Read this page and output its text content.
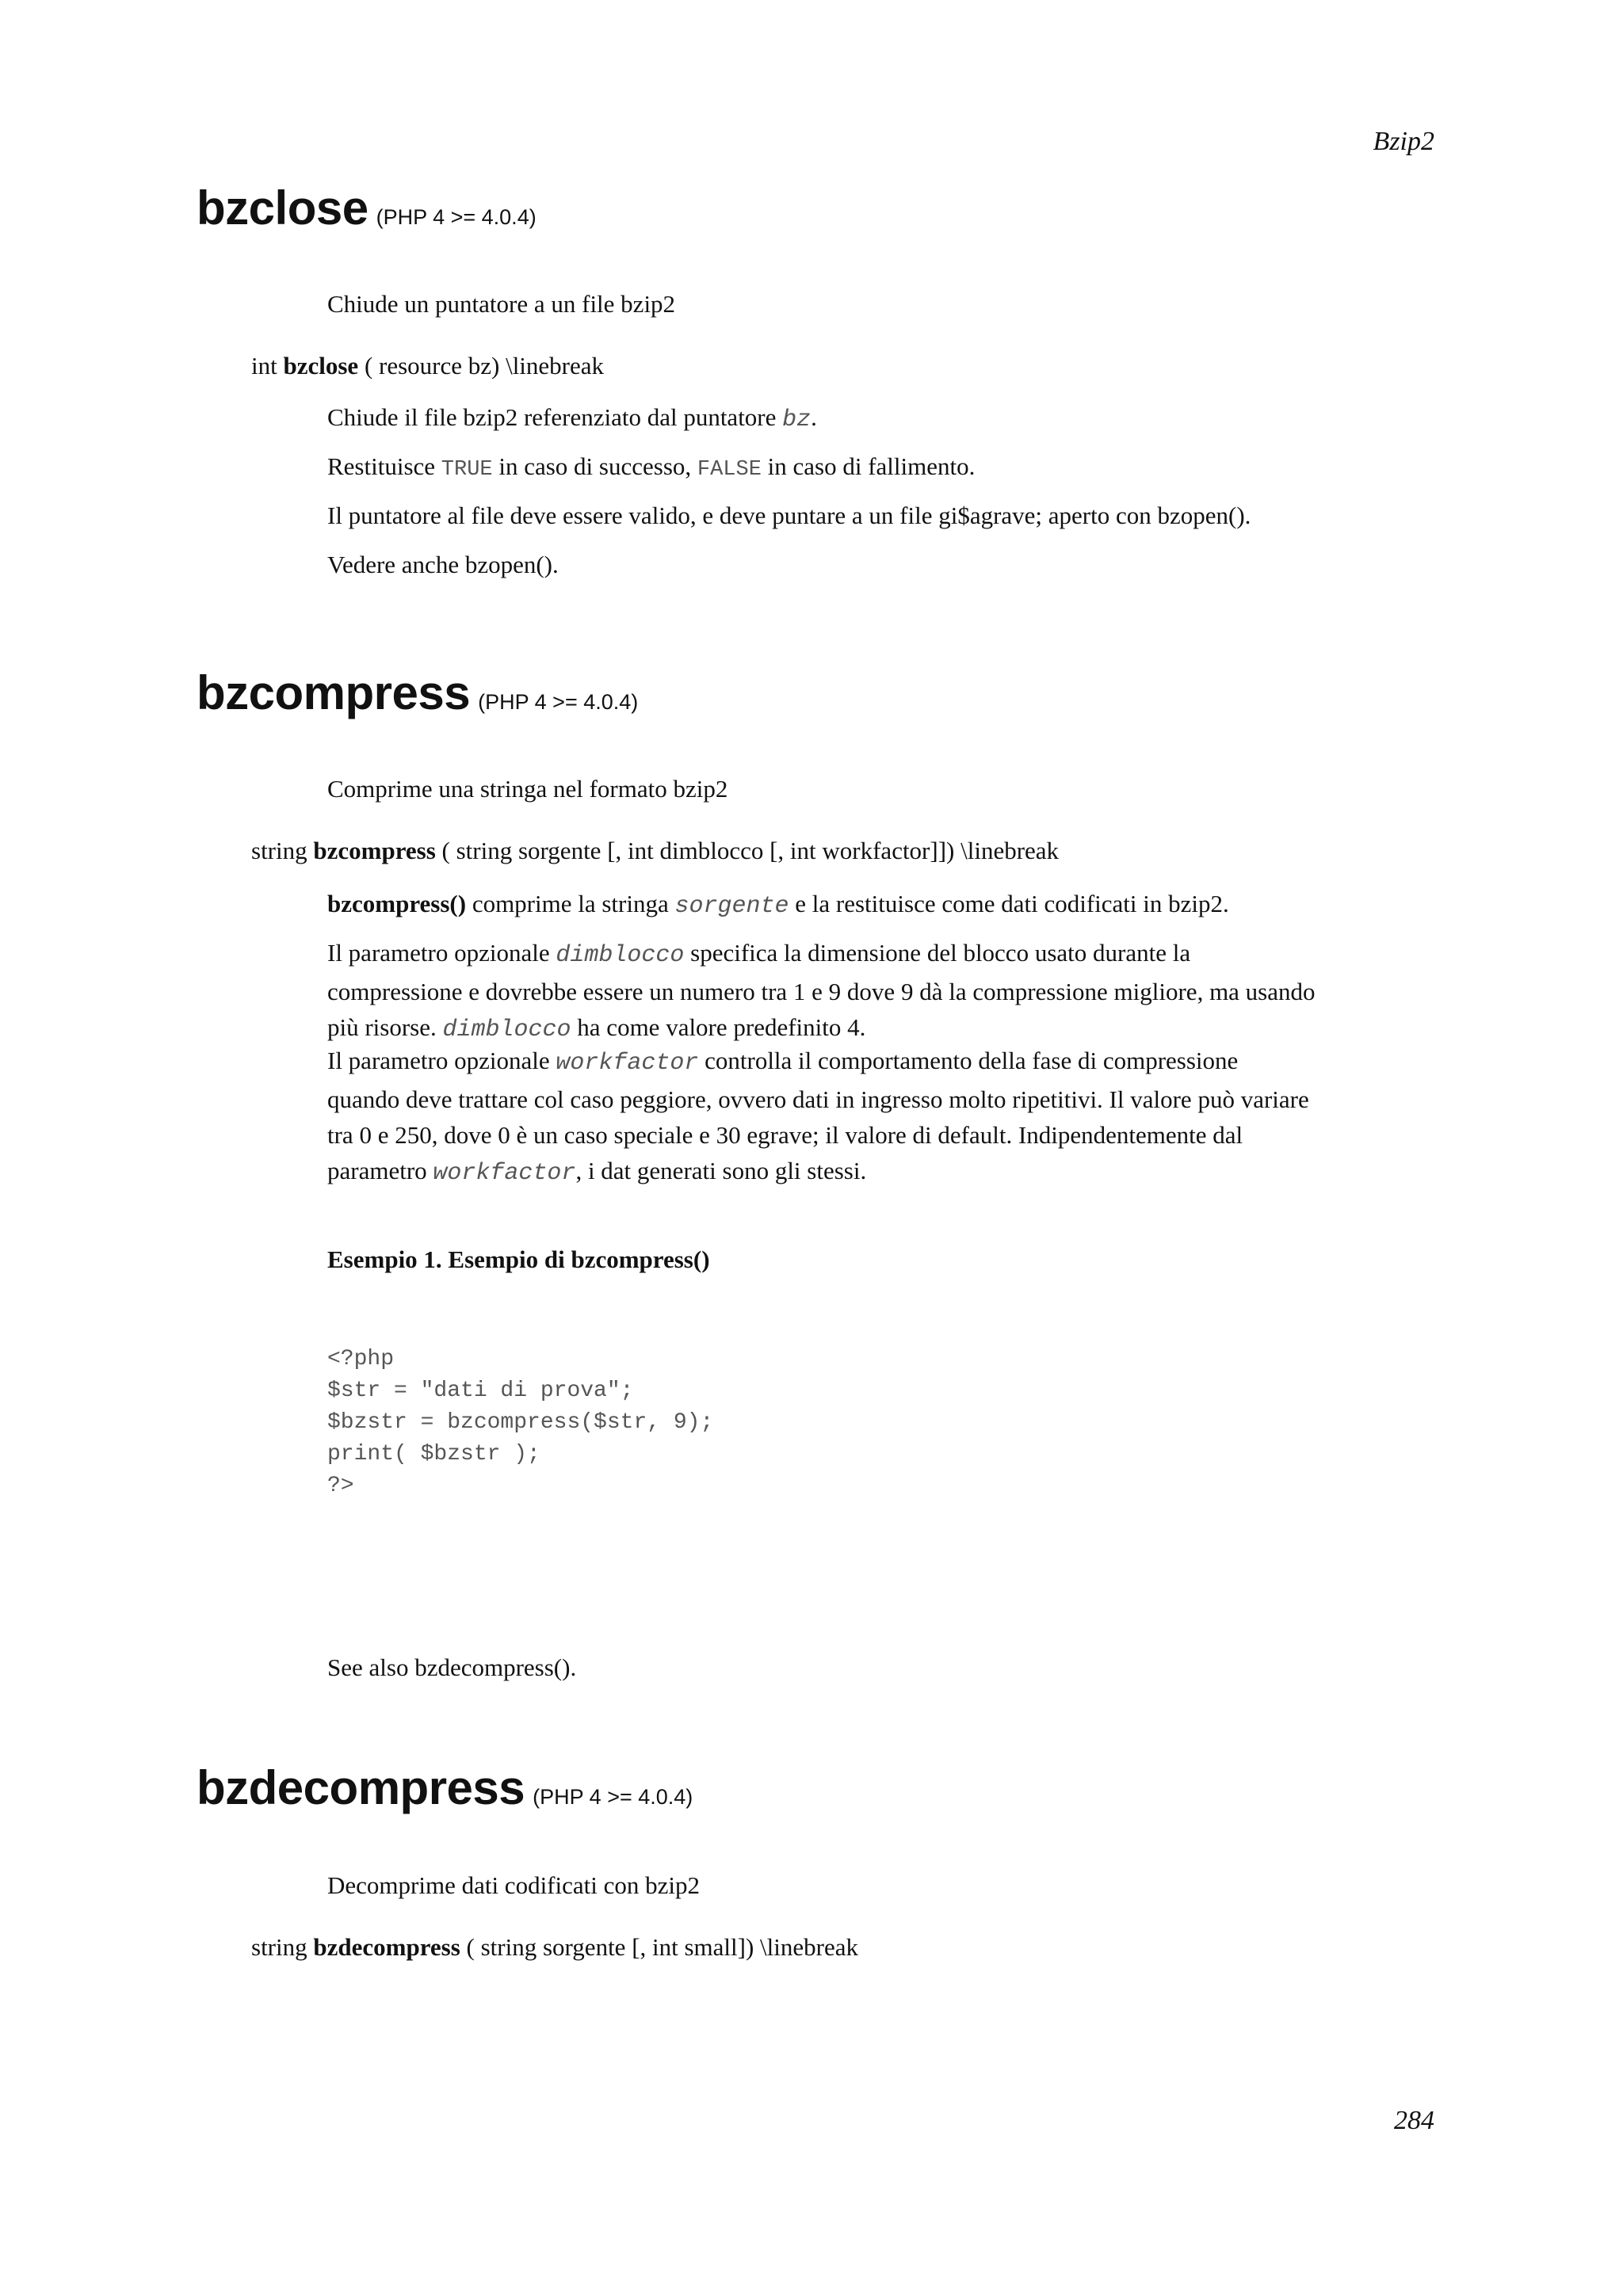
Bzip2
bzclose (PHP 4 >= 4.0.4)
Chiude un puntatore a un file bzip2
int bzclose ( resource bz) \linebreak
Chiude il file bzip2 referenziato dal puntatore bz.
Restituisce TRUE in caso di successo, FALSE in caso di fallimento.
Il puntatore al file deve essere valido, e deve puntare a un file gi$agrave; aperto con bzopen().
Vedere anche bzopen().
bzcompress (PHP 4 >= 4.0.4)
Comprime una stringa nel formato bzip2
string bzcompress ( string sorgente [, int dimblocco [, int workfactor]]) \linebreak
bzcompress() comprime la stringa sorgente e la restituisce come dati codificati in bzip2.
Il parametro opzionale dimblocco specifica la dimensione del blocco usato durante la
compressione e dovrebbe essere un numero tra 1 e 9 dove 9 dà la compressione migliore, ma usando
più risorse. dimblocco ha come valore predefinito 4.
Il parametro opzionale workfactor controlla il comportamento della fase di compressione
quando deve trattare col caso peggiore, ovvero dati in ingresso molto ripetitivi. Il valore può variare
tra 0 e 250, dove 0 è un caso speciale e 30 egrave; il valore di default. Indipendentemente dal
parametro workfactor, i dat generati sono gli stessi.
Esempio 1. Esempio di bzcompress()
<?php
$str = "dati di prova";
$bzstr = bzcompress($str, 9);
print( $bzstr );
?>
See also bzdecompress().
bzdecompress (PHP 4 >= 4.0.4)
Decomprime dati codificati con bzip2
string bzdecompress ( string sorgente [, int small]) \linebreak
284
